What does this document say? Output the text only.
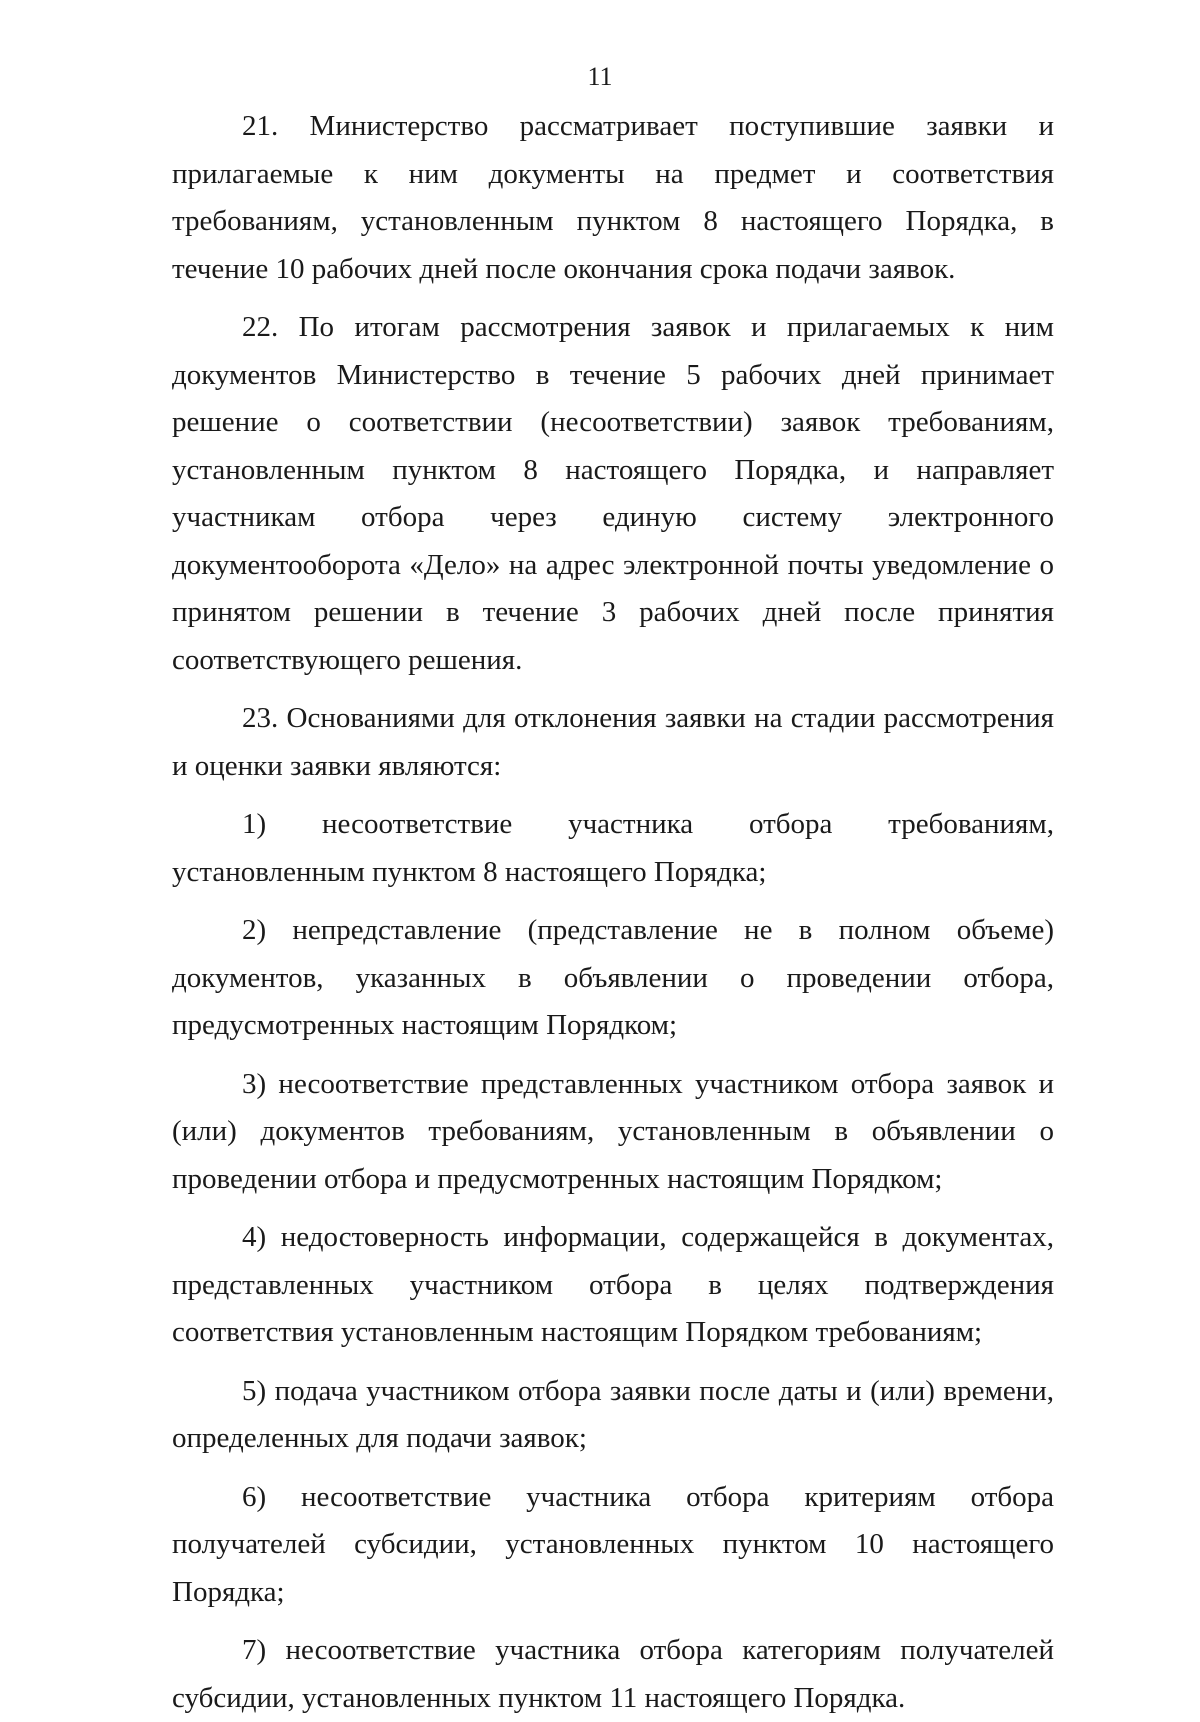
11

21. Министерство рассматривает поступившие заявки и прилагаемые к ним документы на предмет и соответствия требованиям, установленным пунктом 8 настоящего Порядка, в течение 10 рабочих дней после окончания срока подачи заявок.

22. По итогам рассмотрения заявок и прилагаемых к ним документов Министерство в течение 5 рабочих дней принимает решение о соответствии (несоответствии) заявок требованиям, установленным пунктом 8 настоящего Порядка, и направляет участникам отбора через единую систему электронного документооборота «Дело» на адрес электронной почты уведомление о принятом решении в течение 3 рабочих дней после принятия соответствующего решения.

23. Основаниями для отклонения заявки на стадии рассмотрения и оценки заявки являются:

1) несоответствие участника отбора требованиям, установленным пунктом 8 настоящего Порядка;

2) непредставление (представление не в полном объеме) документов, указанных в объявлении о проведении отбора, предусмотренных настоящим Порядком;

3) несоответствие представленных участником отбора заявок и (или) документов требованиям, установленным в объявлении о проведении отбора и предусмотренных настоящим Порядком;

4) недостоверность информации, содержащейся в документах, представленных участником отбора в целях подтверждения соответствия установленным настоящим Порядком требованиям;

5) подача участником отбора заявки после даты и (или) времени, определенных для подачи заявок;

6) несоответствие участника отбора критериям отбора получателей субсидии, установленных пунктом 10 настоящего Порядка;

7) несоответствие участника отбора категориям получателей субсидии, установленных пунктом 11 настоящего Порядка.
